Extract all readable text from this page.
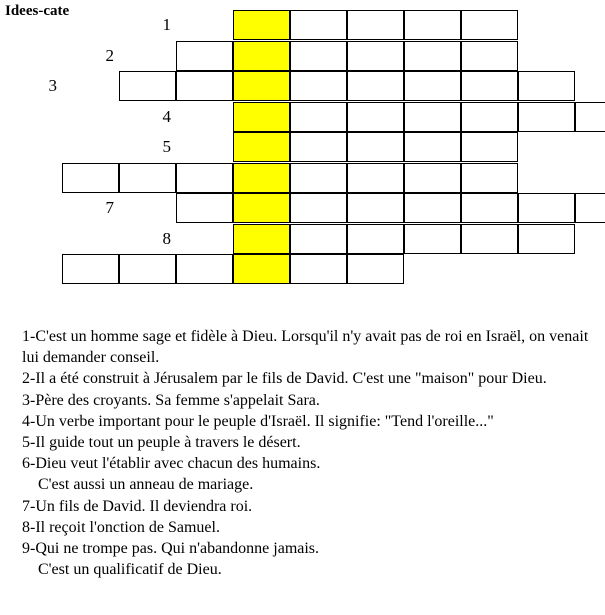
Idees-cate
1
2
3
4
5
7
8

1-C'est un homme sage et fidèle à Dieu. Lorsqu'il n'y avait pas de roi en Israël, on venait lui demander conseil.

2-Il a été construit à Jérusalem par le fils de David. C'est une "maison" pour Dieu.

3-Père des croyants. Sa femme s'appelait Sara.

4-Un verbe important pour le peuple d'Israël. Il signifie: "Tend l'oreille..."

5-Il guide tout un peuple à travers le désert.

6-Dieu veut l'établir avec chacun des humains.
C'est aussi un anneau de mariage.

7-Un fils de David. Il deviendra roi.

8-Il reçoit l'onction de Samuel.

9-Qui ne trompe pas. Qui n'abandonne jamais.
C'est un qualificatif de Dieu.
